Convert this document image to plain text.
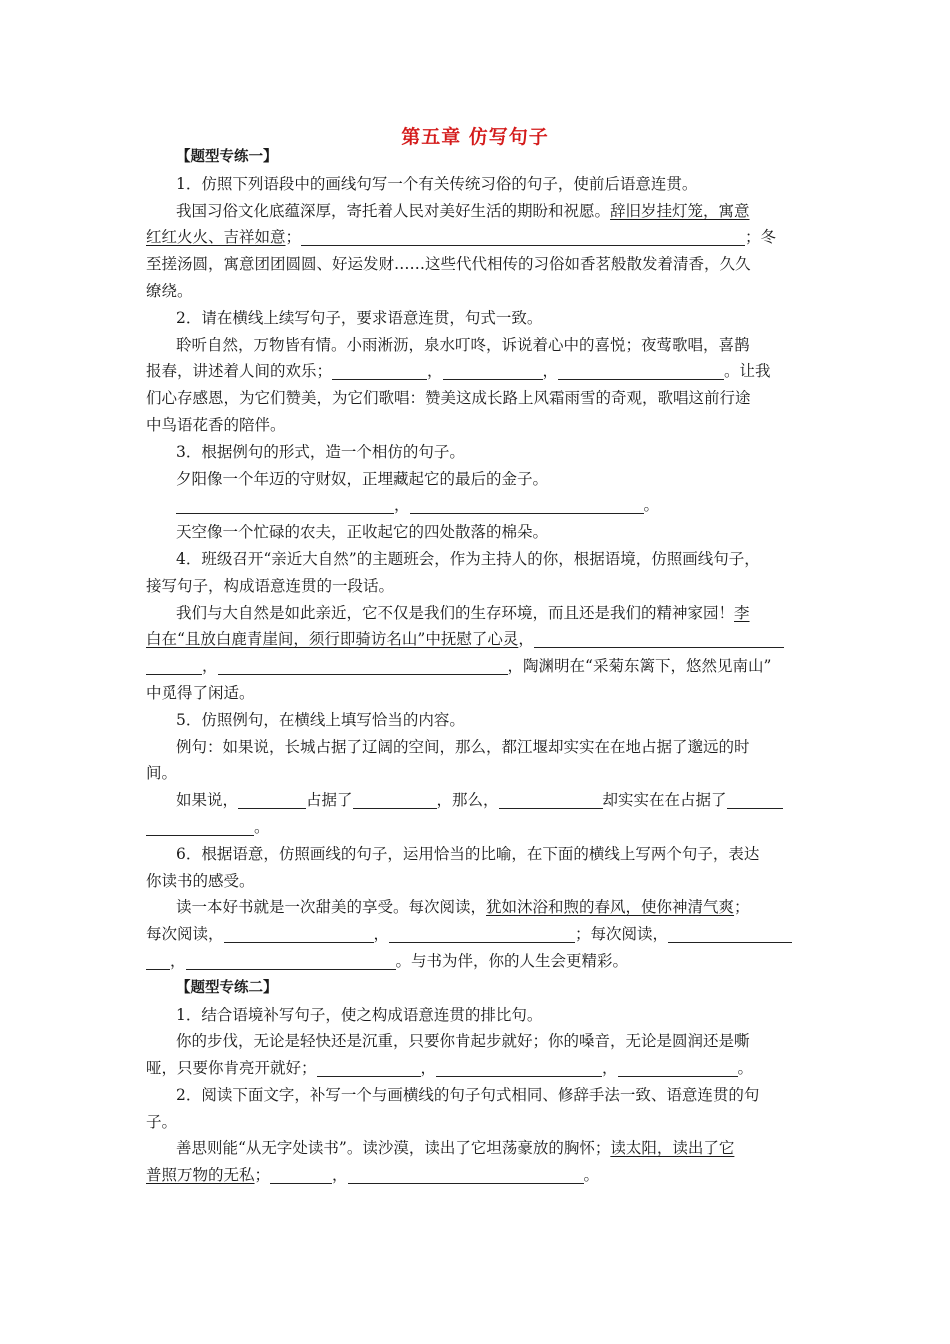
第五章 仿写句子
【题型专练一】
1．仿照下列语段中的画线句写一个有关传统习俗的句子，使前后语意连贯。
我国习俗文化底蕴深厚，寄托着人民对美好生活的期盼和祝愿。辞旧岁挂灯笼，寓意
红红火火、吉祥如意；	；冬
至搓汤圆，寓意团团圆圆、好运发财……这些代代相传的习俗如香茗般散发着清香，久久
缭绕。
2．请在横线上续写句子，要求语意连贯，句式一致。
聆听自然，万物皆有情。小雨淅沥，泉水叮咚，诉说着心中的喜悦；夜莺歌唱，喜鹊
报春，讲述着人间的欢乐；	，	，	。让我
们心存感恩，为它们赞美，为它们歌唱：赞美这成长路上风霜雨雪的奇观，歌唱这前行途
中鸟语花香的陪伴。
3．根据例句的形式，造一个相仿的句子。
夕阳像一个年迈的守财奴，正埋藏起它的最后的金子。
，	。
天空像一个忙碌的农夫，正收起它的四处散落的棉朵。
4．班级召开“亲近大自然”的主题班会，作为主持人的你，根据语境，仿照画线句子，
接写句子，构成语意连贯的一段话。
我们与大自然是如此亲近，它不仅是我们的生存环境，而且还是我们的精神家园！李
白在“且放白鹿青崖间，须行即骑访名山”中抚慰了心灵，
，	，陶渊明在“采菊东篱下，悠然见南山”
中觅得了闲适。
5．仿照例句，在横线上填写恰当的内容。
例句：如果说，长城占据了辽阔的空间，那么，都江堰却实实在在地占据了邈远的时
间。
如果说，	占据了	，那么，	却实实在在占据了
。
6．根据语意，仿照画线的句子，运用恰当的比喻，在下面的横线上写两个句子，表达
你读书的感受。
读一本好书就是一次甜美的享受。每次阅读，犹如沐浴和煦的春风，使你神清气爽；
每次阅读，	，	；每次阅读，
，	。与书为伴，你的人生会更精彩。
【题型专练二】
1．结合语境补写句子，使之构成语意连贯的排比句。
你的步伐，无论是轻快还是沉重，只要你肯起步就好；你的嗓音，无论是圆润还是嘶
哑，只要你肯亮开就好；	，	，	。
2．阅读下面文字，补写一个与画横线的句子句式相同、修辞手法一致、语意连贯的句
子。
善思则能“从无字处读书”。读沙漠，读出了它坦荡豪放的胸怀；读太阳，读出了它
普照万物的无私；	，	。
